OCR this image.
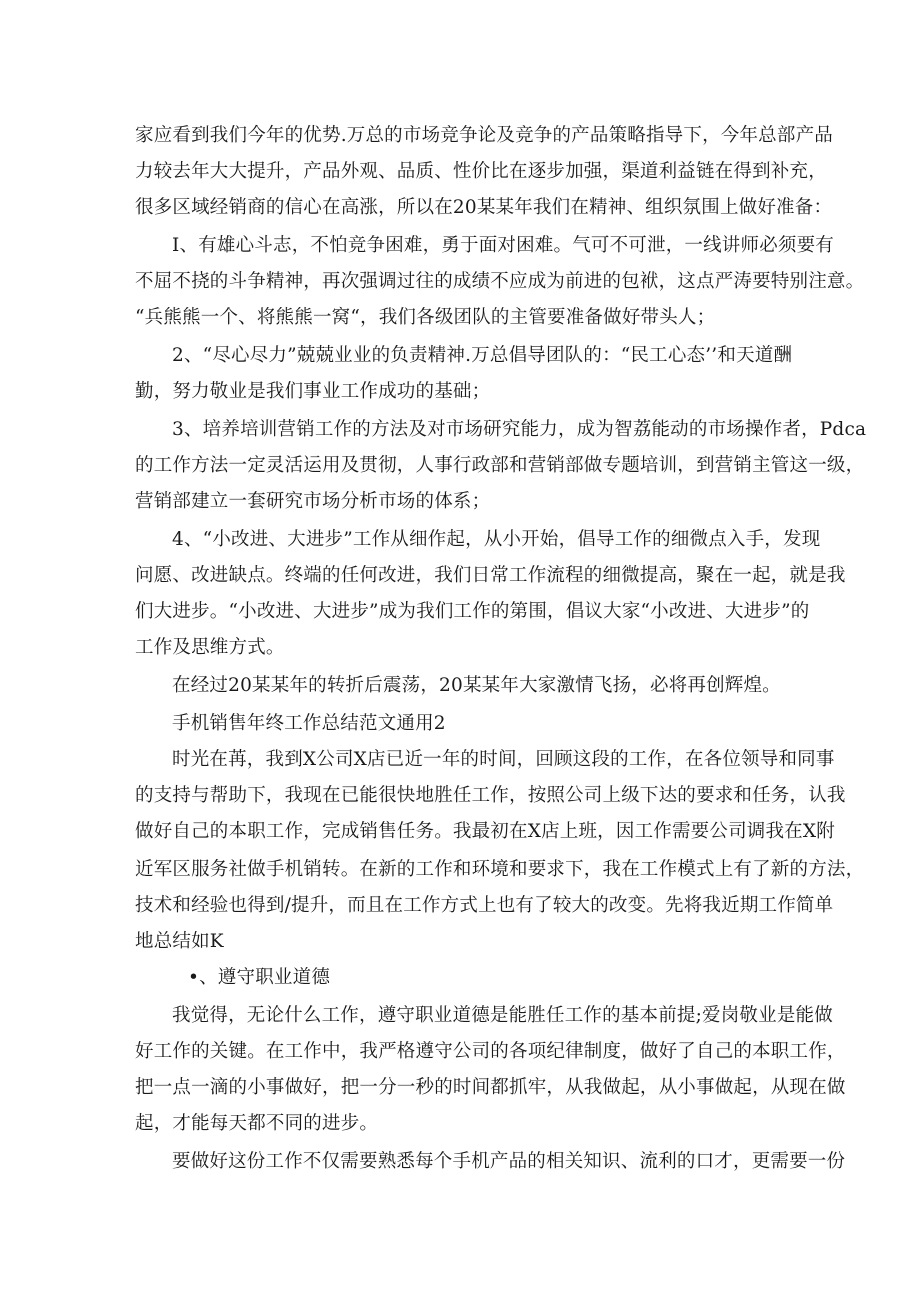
家应看到我们今年的优势.万总的市场竞争论及竞争的产品策略指导下，今年总部产品
力较去年大大提升，产品外观、品质、性价比在逐步加强，渠道利益链在得到补充，
很多区域经销商的信心在高涨，所以在20某某年我们在精神、组织氛围上做好准备：
I、有雄心斗志，不怕竞争困难，勇于面对困难。气可不可泄，一线讲师必须要有
不屈不挠的斗争精神，再次强调过往的成绩不应成为前进的包袱，这点严涛要特别注意。
“兵熊熊一个、将熊熊一窝“，我们各级团队的主管要准备做好带头人；
2、“尽心尽力”兢兢业业的负责精神.万总倡导团队的：“民工心态’’和天道酬
勤，努力敬业是我们事业工作成功的基础；
3、培养培训营销工作的方法及对市场研究能力，成为智荔能动的市场操作者，Pdca
的工作方法一定灵活运用及贯彻，人事行政部和营销部做专题培训，到营销主管这一级，
营销部建立一套研究市场分析市场的体系；
4、“小改进、大进步”工作从细作起，从小开始，倡导工作的细微点入手，发现
问愿、改进缺点。终端的任何改进，我们日常工作流程的细微提高，聚在一起，就是我
们大进步。“小改进、大进步”成为我们工作的第围，倡议大家“小改进、大进步”的
工作及思维方式。
在经过20某某年的转折后震荡，20某某年大家激情飞扬，必将再创辉煌。
手机销售年终工作总结范文通用2
时光在苒，我到X公司X店已近一年的时间，回顾这段的工作，在各位领导和同事
的支持与帮助下，我现在已能很快地胜任工作，按照公司上级下达的要求和任务，认我
做好自己的本职工作，完成销售任务。我最初在X店上班，因工作需要公司调我在X附
近军区服务社做手机销转。在新的工作和环境和要求下，我在工作模式上有了新的方法，
技术和经验也得到/提升，而且在工作方式上也有了较大的改变。先将我近期工作简单
地总结如K
•、遵守职业道德
我觉得，无论什么工作，遵守职业道德是能胜任工作的基本前提;爱岗敬业是能做
好工作的关键。在工作中，我严格遵守公司的各项纪律制度，做好了自己的本职工作，
把一点一滴的小事做好，把一分一秒的时间都抓牢，从我做起，从小事做起，从现在做
起，才能每天都不同的进步。
要做好这份工作不仅需要熟悉每个手机产品的相关知识、流利的口才，更需要一份
